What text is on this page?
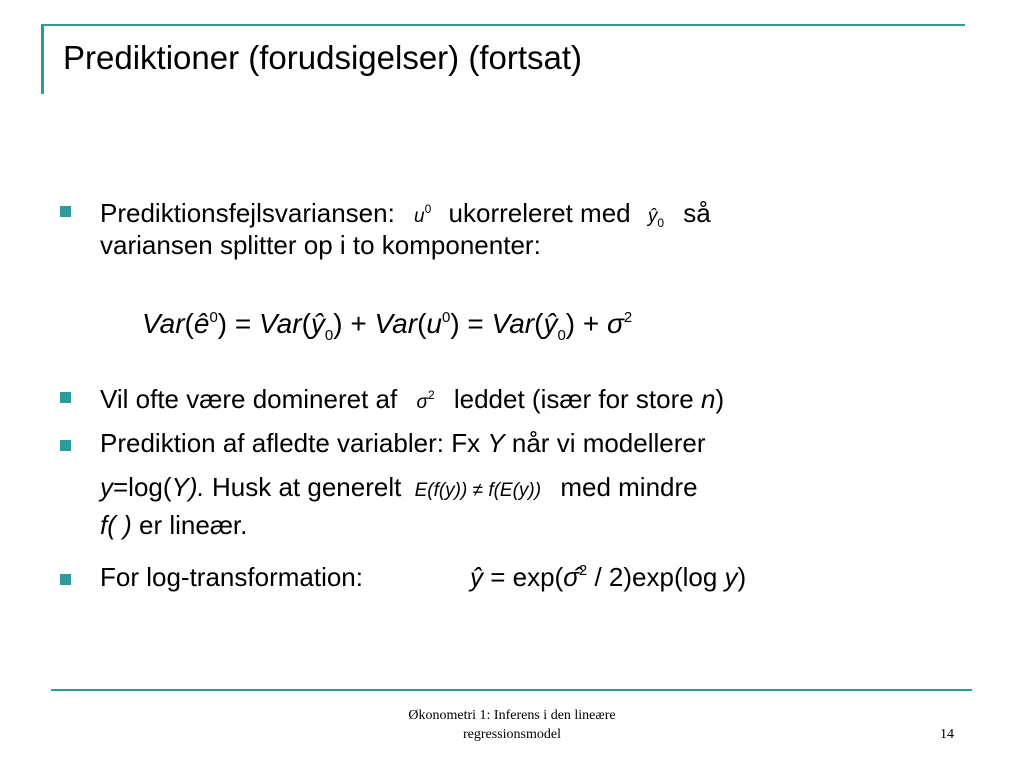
Prediktioner (forudsigelser) (fortsat)
Prediktionsfejlsvariansen: $u^0$ ukorreleret med $ŷ_0$ så
variansen splitter op i to komponenter:
$Var(ê^0)$ = $Var(ŷ_0) + Var(u^0)$ = $Var(ŷ_0) + \sigma^2$
Vil ofte være domineret af $\sigma^2$ leddet (især for store n)
Prediktion af afledte variabler: Fx Y når vi modellerer
y=log(Y). Husk at generelt E(f(y)) ≠ f(E(y)) med mindre
f( ) er lineær.
For log-transformation:	ŷ = exp(σ̂$^2$ / 2)exp(log y)
Økonometri 1: Inferens i den lineære
regressionsmodel	14
